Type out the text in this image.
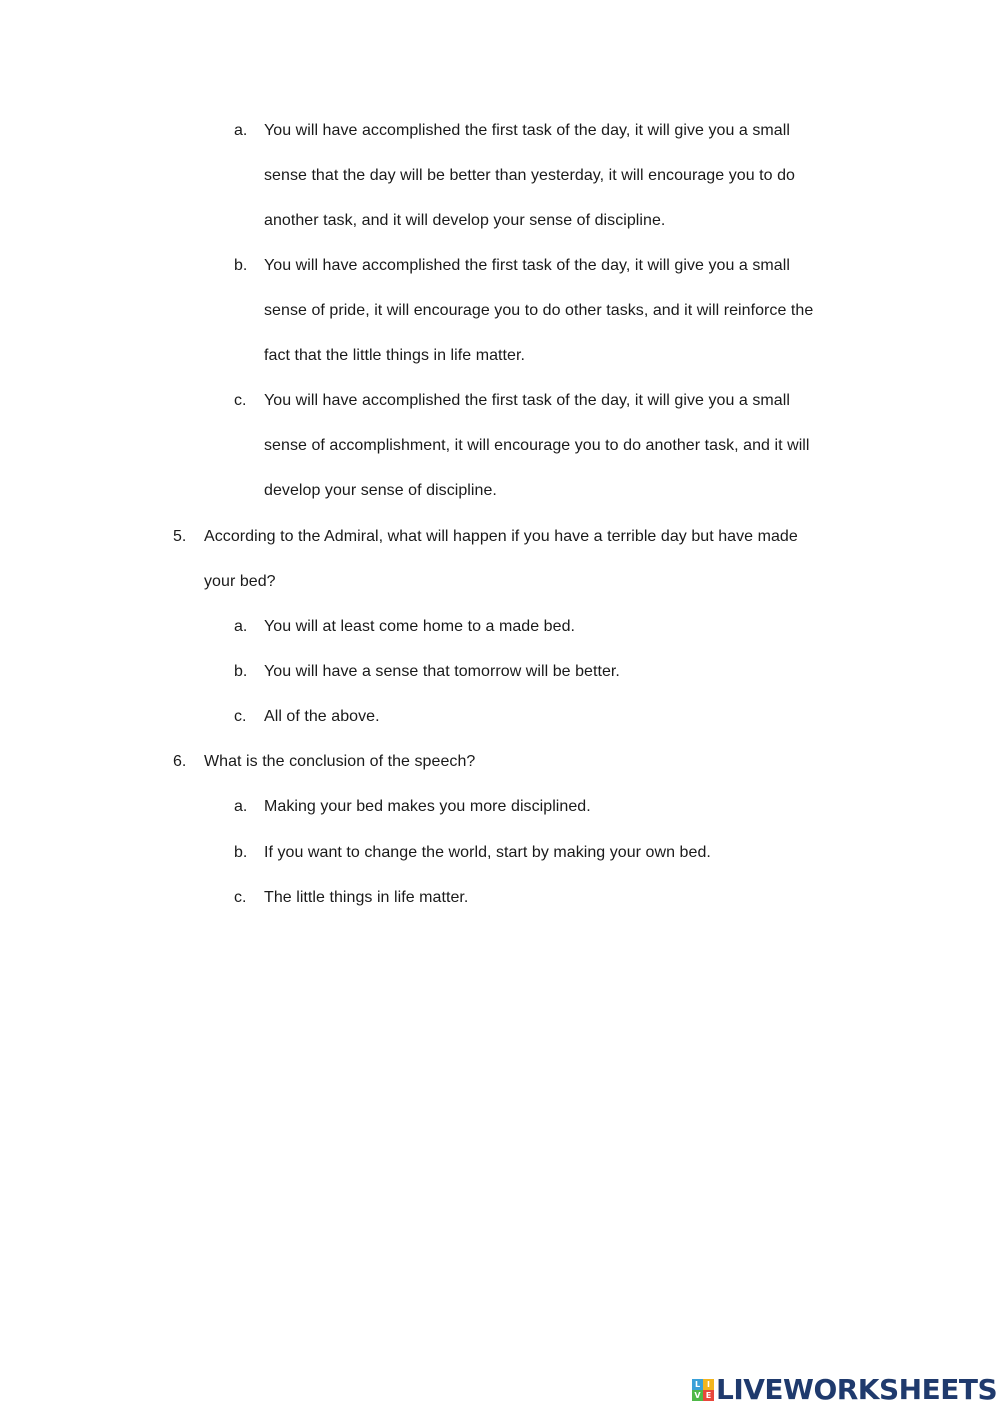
a. You will have accomplished the first task of the day, it will give you a small
sense that the day will be better than yesterday, it will encourage you to do
another task, and it will develop your sense of discipline.
b. You will have accomplished the first task of the day, it will give you a small
sense of pride, it will encourage you to do other tasks, and it will reinforce the
fact that the little things in life matter.
c. You will have accomplished the first task of the day, it will give you a small
sense of accomplishment, it will encourage you to do another task, and it will
develop your sense of discipline.
5. According to the Admiral, what will happen if you have a terrible day but have made
your bed?
a. You will at least come home to a made bed.
b. You will have a sense that tomorrow will be better.
c. All of the above.
6. What is the conclusion of the speech?
a. Making your bed makes you more disciplined.
b. If you want to change the world, start by making your own bed.
c. The little things in life matter.
L I
V E LIVEWORKSHEETS
